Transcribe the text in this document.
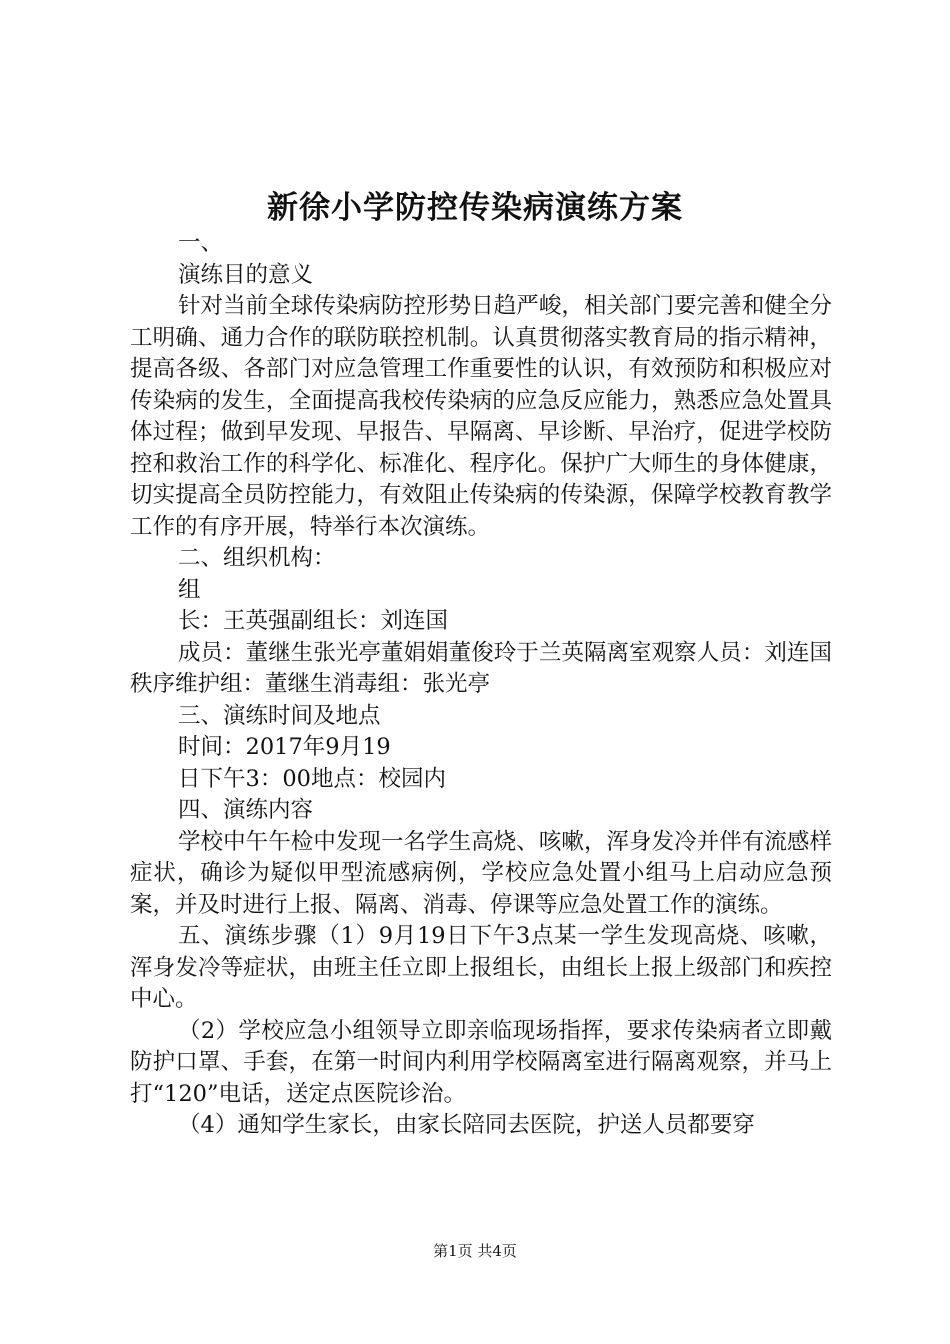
新徐小学防控传染病演练方案

一、

演练目的意义

针对当前全球传染病防控形势日趋严峻，相关部门要完善和健全分工明确、通力合作的联防联控机制。认真贯彻落实教育局的指示精神，提高各级、各部门对应急管理工作重要性的认识，有效预防和积极应对传染病的发生，全面提高我校传染病的应急反应能力，熟悉应急处置具体过程；做到早发现、早报告、早隔离、早诊断、早治疗，促进学校防控和救治工作的科学化、标准化、程序化。保护广大师生的身体健康，切实提高全员防控能力，有效阻止传染病的传染源，保障学校教育教学工作的有序开展，特举行本次演练。

二、组织机构：

组

长：王英强副组长：刘连国

成员：董继生张光亭董娟娟董俊玲于兰英隔离室观察人员：刘连国秩序维护组：董继生消毒组：张光亭

三、演练时间及地点

时间：2017年9月19

日下午3：00地点：校园内

四、演练内容

学校中午午检中发现一名学生高烧、咳嗽，浑身发冷并伴有流感样症状，确诊为疑似甲型流感病例，学校应急处置小组马上启动应急预案，并及时进行上报、隔离、消毒、停课等应急处置工作的演练。

五、演练步骤（1）9月19日下午3点某一学生发现高烧、咳嗽，浑身发冷等症状，由班主任立即上报组长，由组长上报上级部门和疾控中心。

（2）学校应急小组领导立即亲临现场指挥，要求传染病者立即戴防护口罩、手套，在第一时间内利用学校隔离室进行隔离观察，并马上打“120”电话，送定点医院诊治。

（4）通知学生家长，由家长陪同去医院，护送人员都要穿

第1页 共4页
